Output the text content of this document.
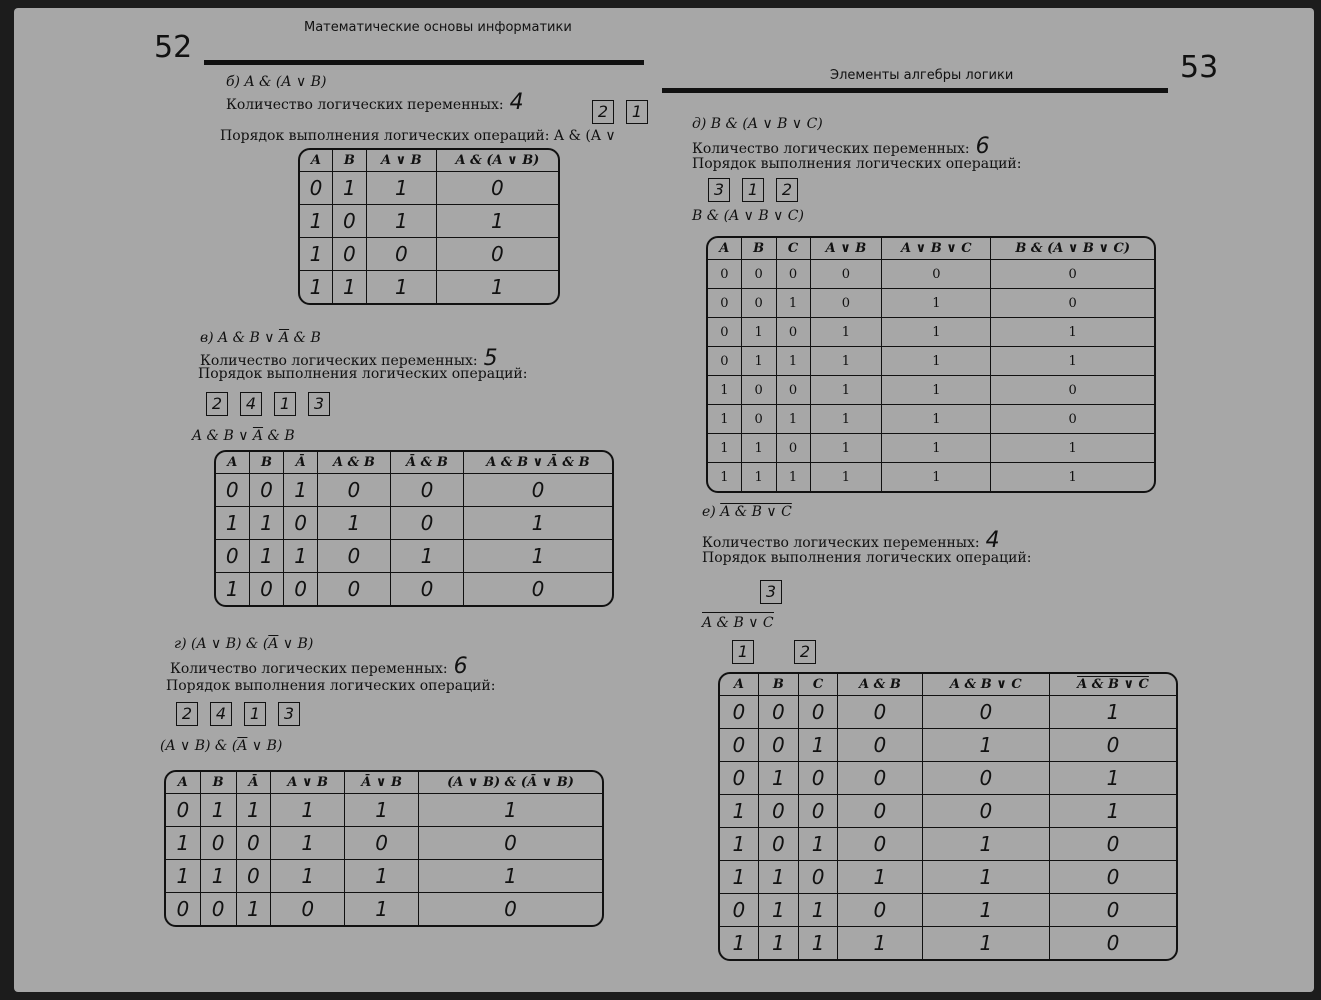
52
Математические основы информатики
б) A & (A ∨ B)
Количество логических переменных: 4
Порядок выполнения логических операций: A & (A ∨
2 1
A	B	A ∨ B	A & (A ∨ B)
0	1	1	0
1	0	1	1
1	0	0	0
1	1	1	1
в) A & B ∨ $\overline{A}$ & B
Количество логических переменных: 5
Порядок выполнения логических операций:
2 4 1 3
A & B ∨ $\overline{A}$ & B
A	B	Ā	A & B	Ā & B	A & B ∨ Ā & B
0	0	1	0	0	0
1	1	0	1	0	1
0	1	1	0	1	1
1	0	0	0	0	0
г) (A ∨ B) & ($\overline{A}$ ∨ B)
Количество логических переменных: 6
Порядок выполнения логических операций:
2 4 1 3
(A ∨ B) & ($\overline{A}$ ∨ B)
A	B	Ā	A ∨ B	Ā ∨ B	(A ∨ B) & (Ā ∨ B)
0	1	1	1	1	1
1	0	0	1	0	0
1	1	0	1	1	1
0	0	1	0	1	0
53
Элементы алгебры логики
д) B & (A ∨ B ∨ C)
Количество логических переменных: 6
Порядок выполнения логических операций:
3 1 2
B & (A ∨ B ∨ C)
A	B	C	A ∨ B	A ∨ B ∨ C	B & (A ∨ B ∨ C)
0	0	0	0	0	0
0	0	1	0	1	0
0	1	0	1	1	1
0	1	1	1	1	1
1	0	0	1	1	0
1	0	1	1	1	0
1	1	0	1	1	1
1	1	1	1	1	1
е) A & B ∨ C
Количество логических переменных: 4
Порядок выполнения логических операций:
3
A & B ∨ C
1	2
A	B	C	A & B	A & B ∨ C	A & B ∨ C
0	0	0	0	0	1
0	0	1	0	1	0
0	1	0	0	0	1
1	0	0	0	0	1
1	0	1	0	1	0
1	1	0	1	1	0
0	1	1	0	1	0
1	1	1	1	1	0
